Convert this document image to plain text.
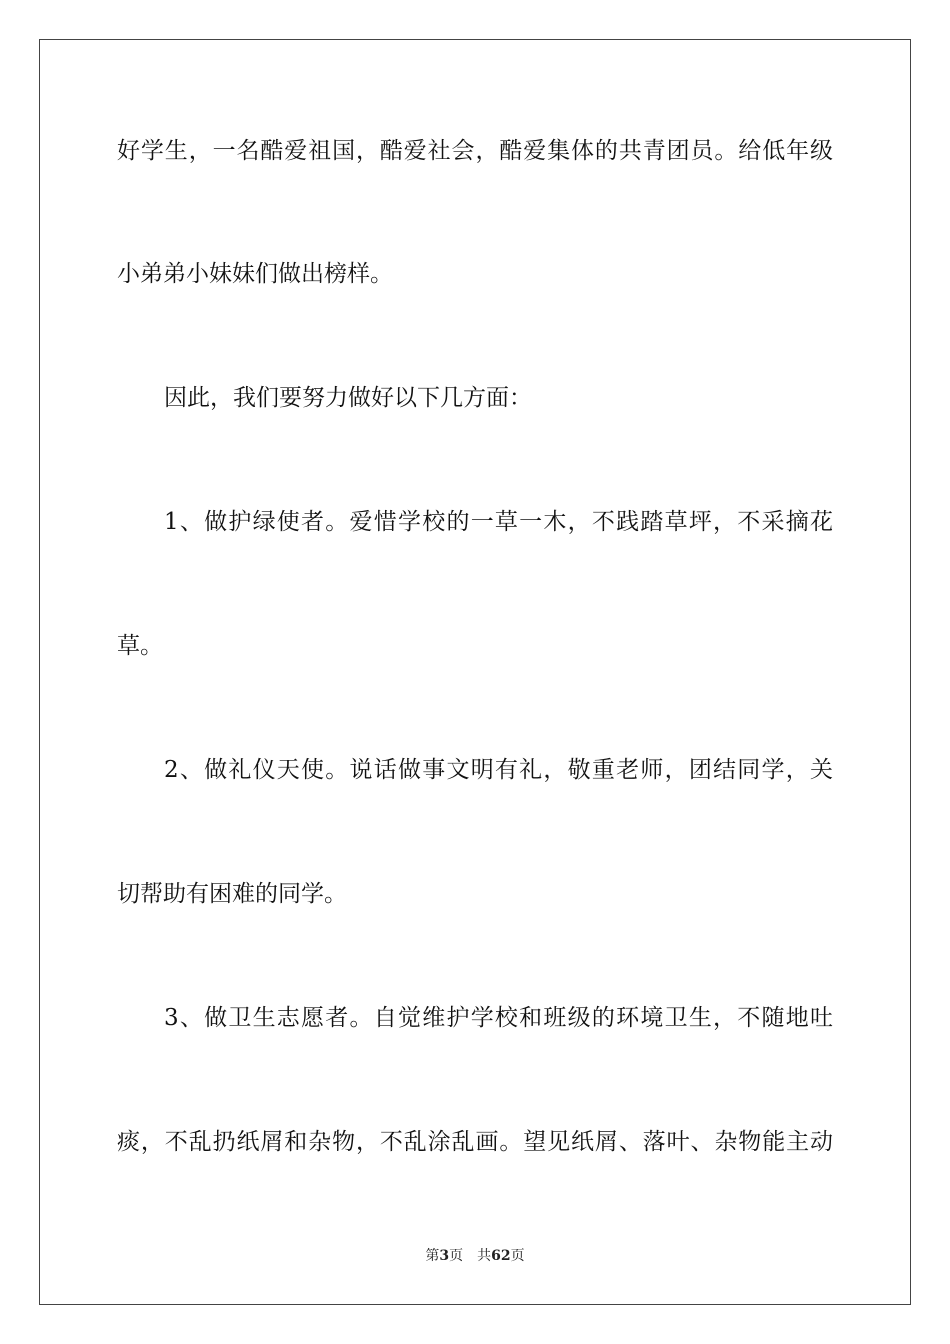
好学生，一名酷爱祖国，酷爱社会，酷爱集体的共青团员。给低年级
小弟弟小妹妹们做出榜样。
因此，我们要努力做好以下几方面：
1、做护绿使者。爱惜学校的一草一木，不践踏草坪，不采摘花
草。
2、做礼仪天使。说话做事文明有礼，敬重老师，团结同学，关
切帮助有困难的同学。
3、做卫生志愿者。自觉维护学校和班级的环境卫生，不随地吐
痰，不乱扔纸屑和杂物，不乱涂乱画。望见纸屑、落叶、杂物能主动
第3页 共62页
